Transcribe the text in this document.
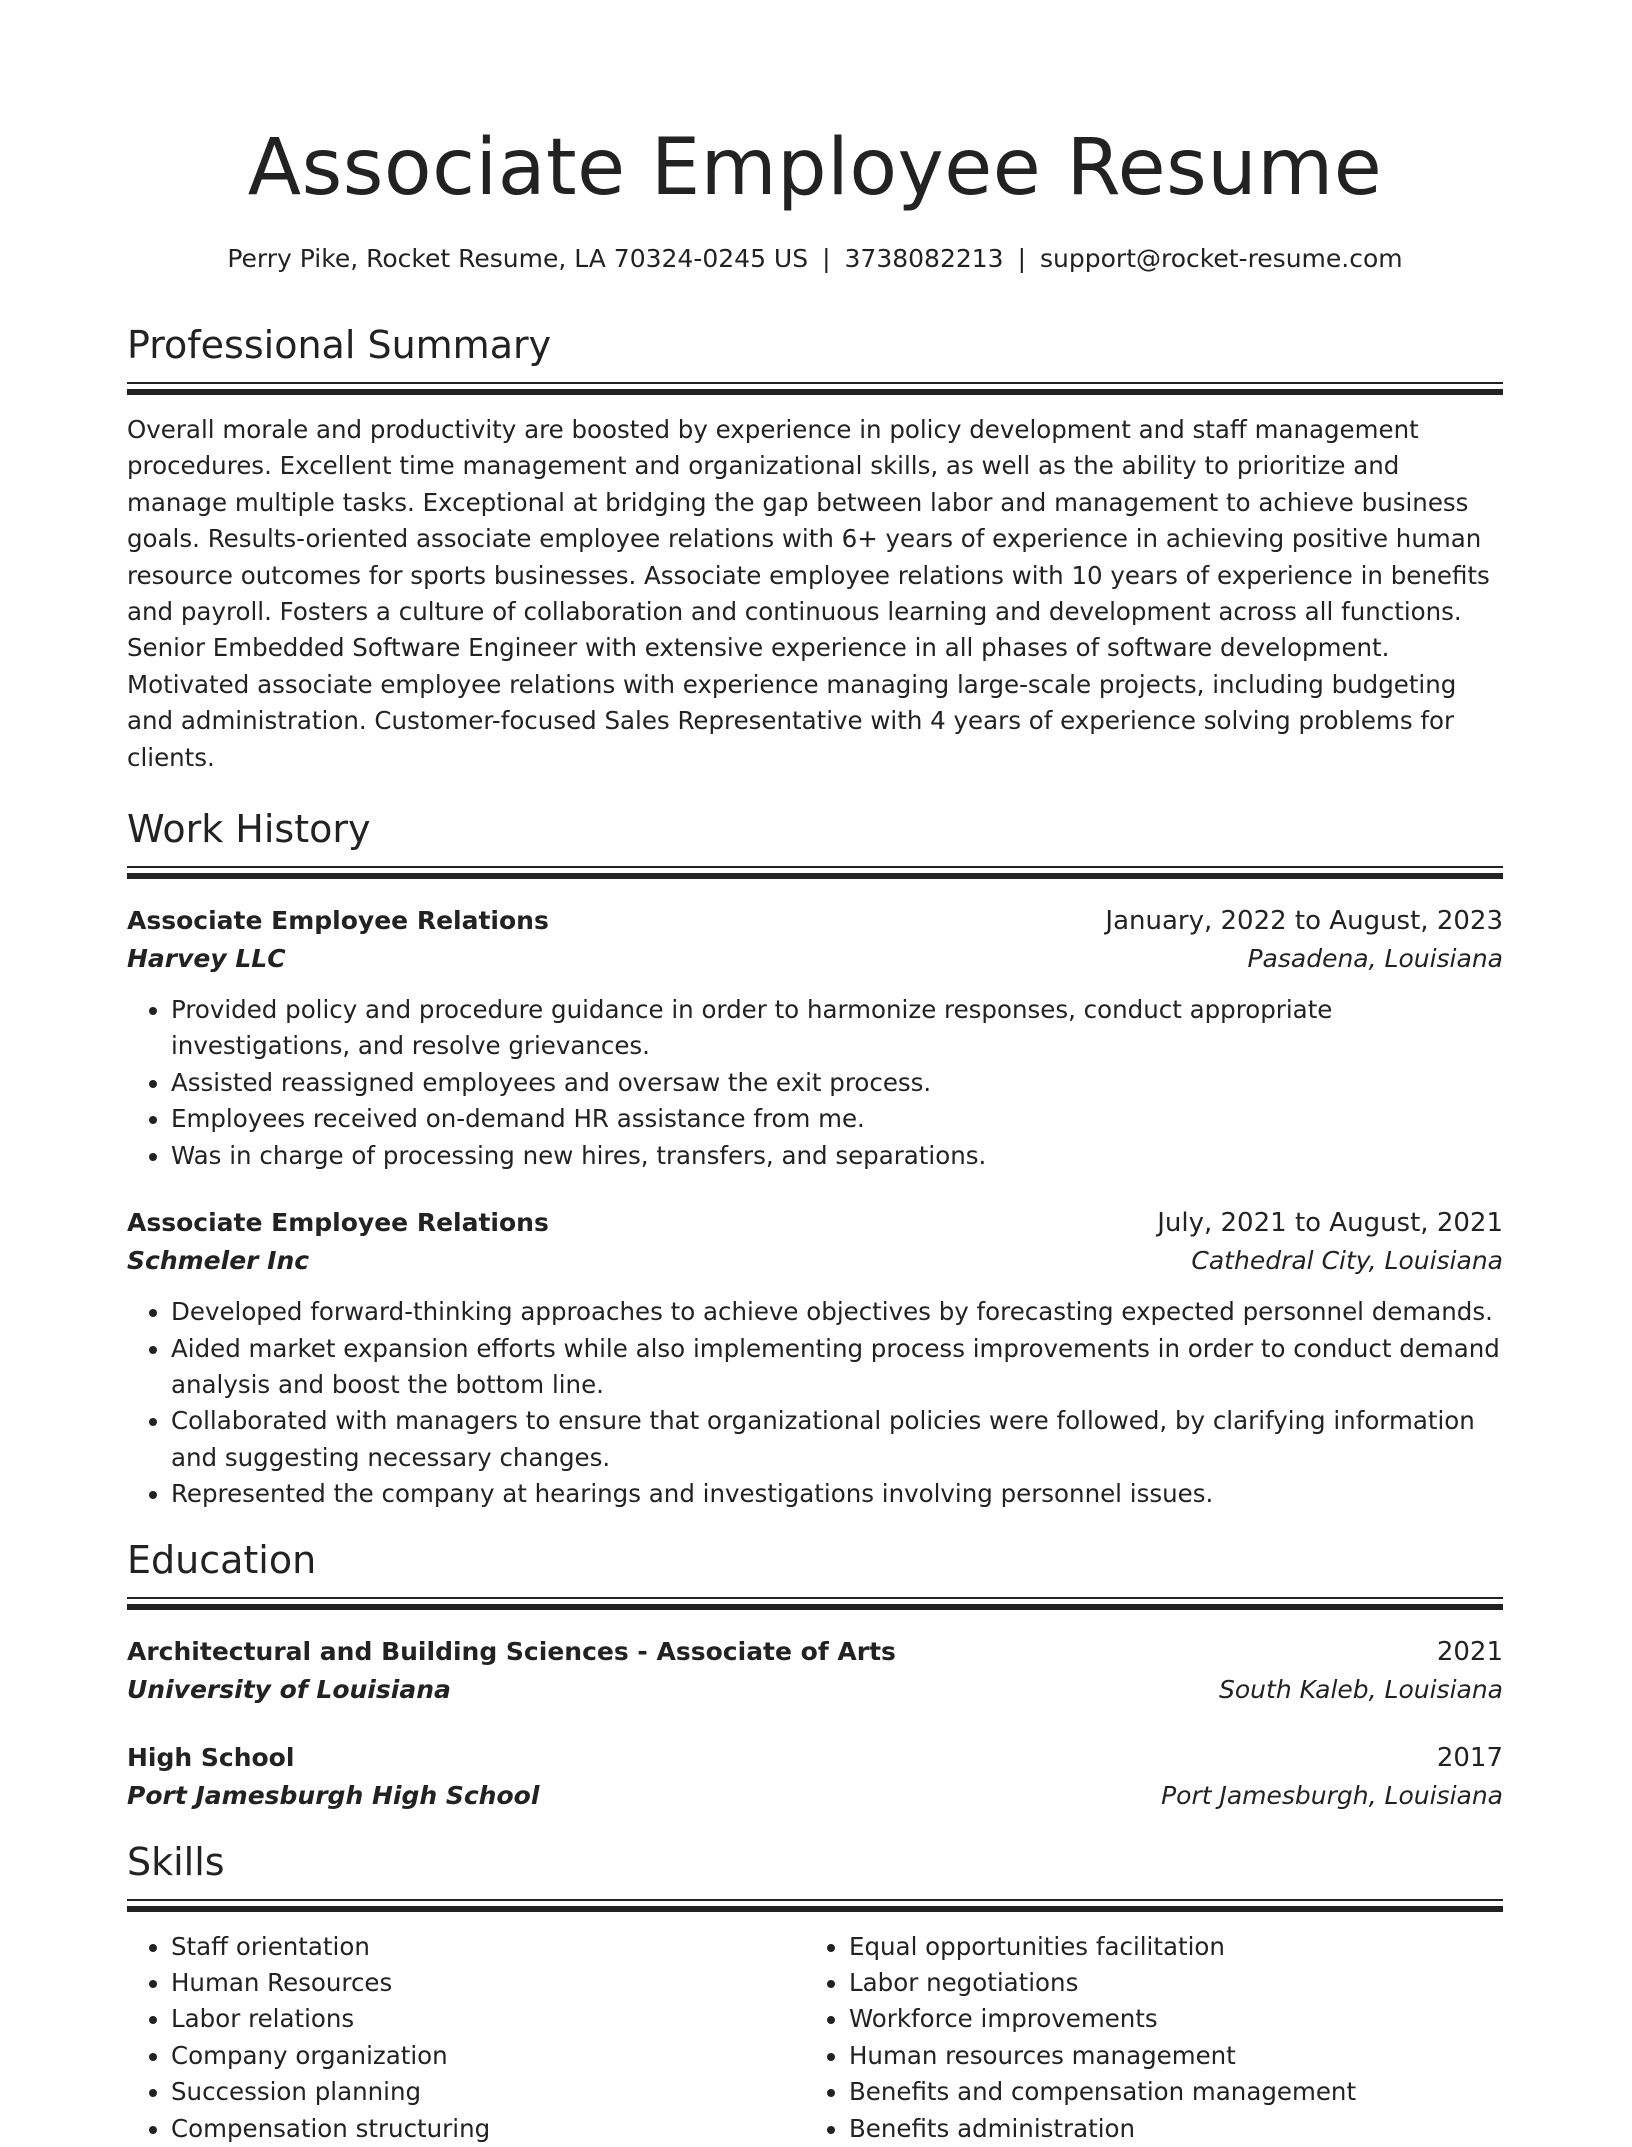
Associate Employee Resume
Perry Pike, Rocket Resume, LA 70324-0245 US | 3738082213 | support@rocket-resume.com
Professional Summary
Overall morale and productivity are boosted by experience in policy development and staff management procedures. Excellent time management and organizational skills, as well as the ability to prioritize and manage multiple tasks. Exceptional at bridging the gap between labor and management to achieve business goals. Results-oriented associate employee relations with 6+ years of experience in achieving positive human resource outcomes for sports businesses. Associate employee relations with 10 years of experience in benefits and payroll. Fosters a culture of collaboration and continuous learning and development across all functions. Senior Embedded Software Engineer with extensive experience in all phases of software development. Motivated associate employee relations with experience managing large-scale projects, including budgeting and administration. Customer-focused Sales Representative with 4 years of experience solving problems for clients.
Work History
Associate Employee Relations	January, 2022 to August, 2023
Harvey LLC	Pasadena, Louisiana
• Provided policy and procedure guidance in order to harmonize responses, conduct appropriate investigations, and resolve grievances.
• Assisted reassigned employees and oversaw the exit process.
• Employees received on-demand HR assistance from me.
• Was in charge of processing new hires, transfers, and separations.
Associate Employee Relations	July, 2021 to August, 2021
Schmeler Inc	Cathedral City, Louisiana
• Developed forward-thinking approaches to achieve objectives by forecasting expected personnel demands.
• Aided market expansion efforts while also implementing process improvements in order to conduct demand analysis and boost the bottom line.
• Collaborated with managers to ensure that organizational policies were followed, by clarifying information and suggesting necessary changes.
• Represented the company at hearings and investigations involving personnel issues.
Education
Architectural and Building Sciences - Associate of Arts	2021
University of Louisiana	South Kaleb, Louisiana
High School	2017
Port Jamesburgh High School	Port Jamesburgh, Louisiana
Skills
• Staff orientation
• Human Resources
• Labor relations
• Company organization
• Succession planning
• Compensation structuring
• Equal opportunities facilitation
• Labor negotiations
• Workforce improvements
• Human resources management
• Benefits and compensation management
• Benefits administration
